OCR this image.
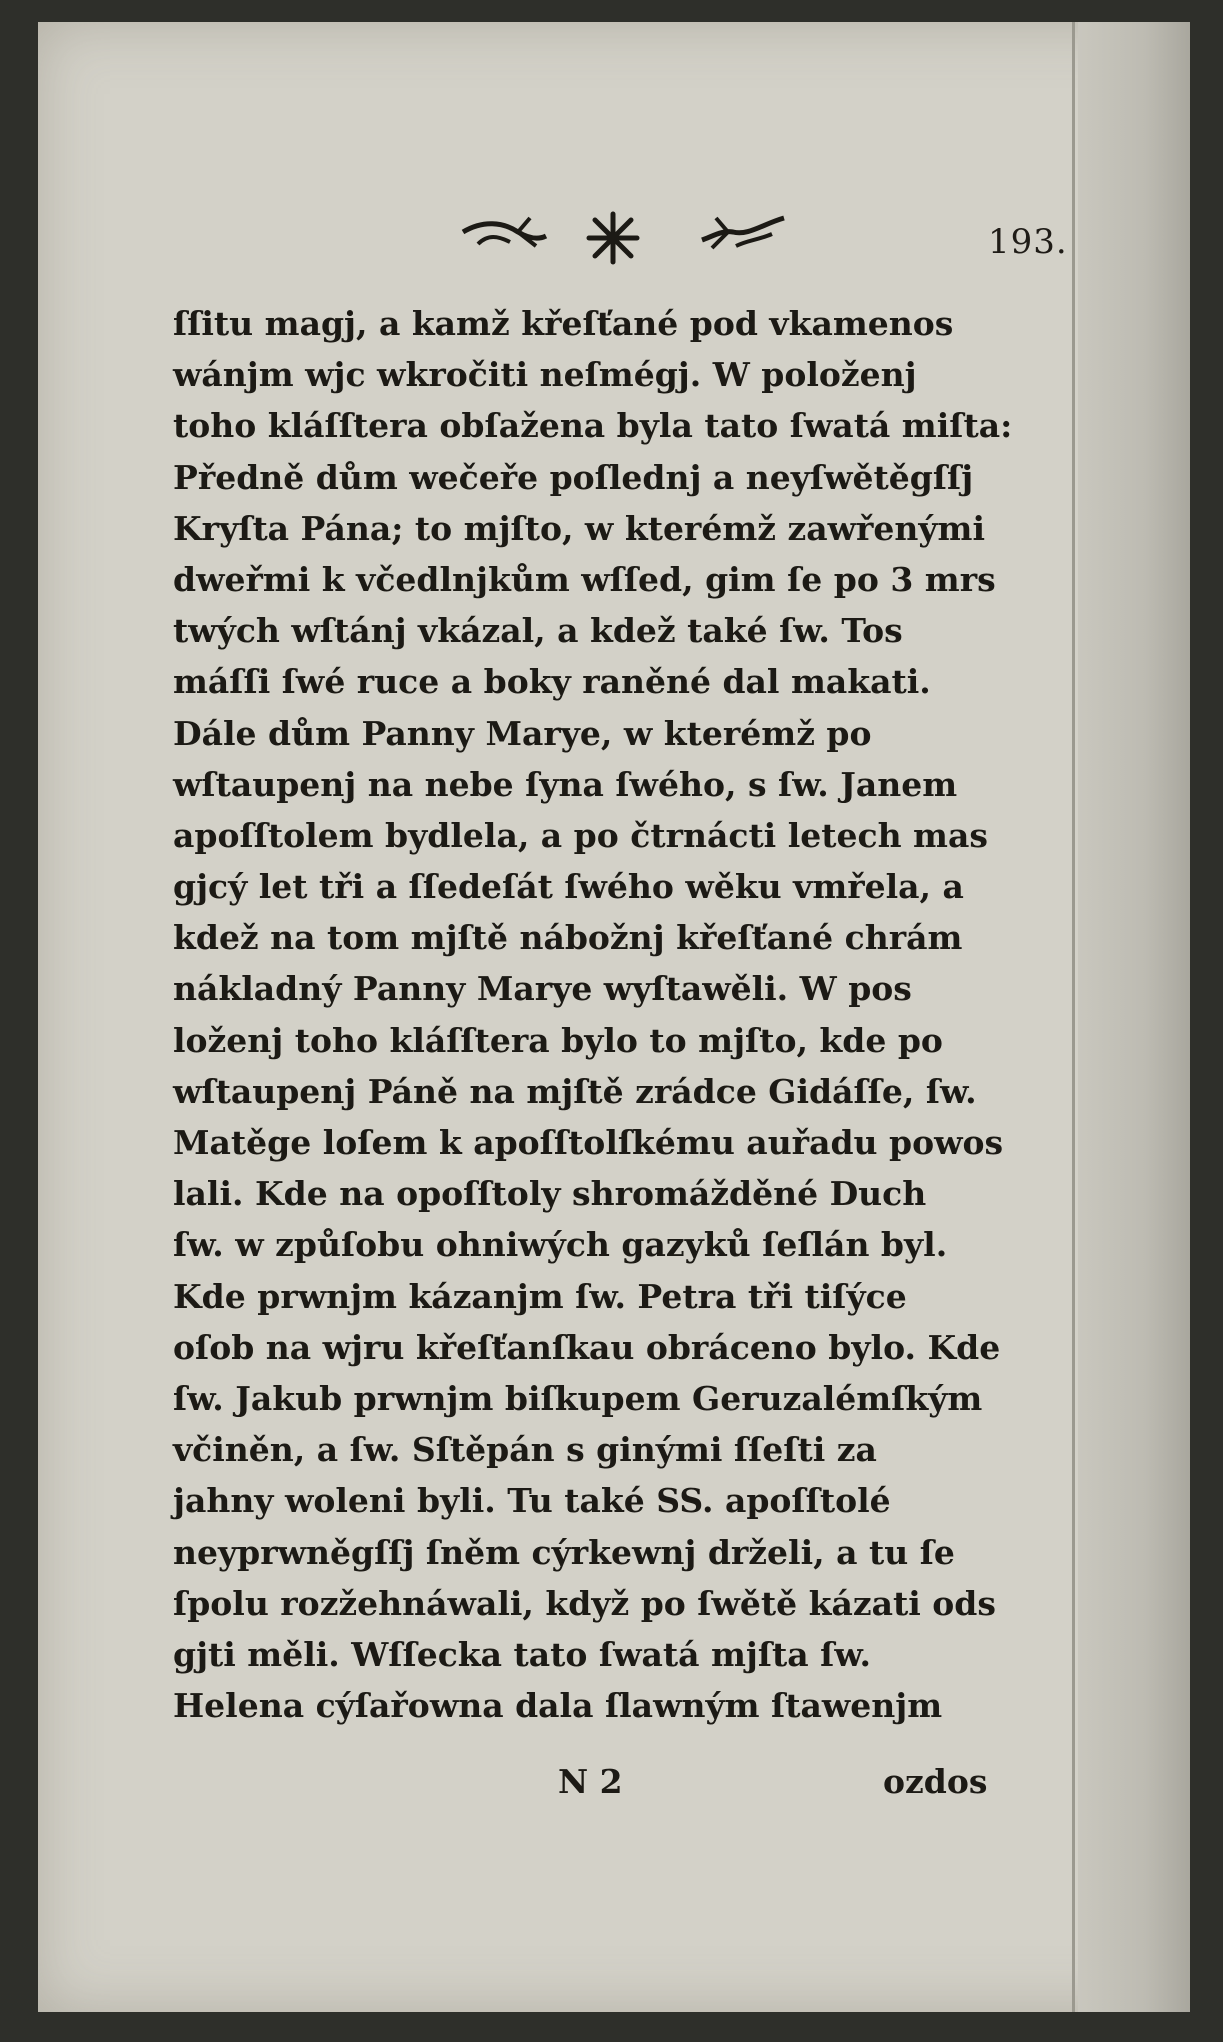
193.
ſſitu magj, a kamž křeſťané pod vkamenos
wánjm wjc wkročiti neſmégj. W položenj
toho kláſſtera obſaženа byla tato ſwatá miſta:
Předně dům wečeře poſlednj a neyſwětěgſſj
Kryſta Pána; to mjſto, w kterémž zawřenými
dweřmi k včedlnjkům wſſed, gim ſe po 3 mrs
twých wſtánj vkázal, a kdež také ſw. Tos
máſſi ſwé ruce a boky raněné dal makati.
Dále dům Panny Marye, w kterémž po
wſtaupenj na nebe ſyna ſwého, s ſw. Janem
apoſſtolem bydlela, a po čtrnácti letech mas
gjcý let tři a ſſedeſát ſwého wěku vmřela, a
kdež na tom mjſtě nábožnj křeſťané chrám
nákladný Panny Marye wyſtawěli. W pos
loženj toho kláſſtera bylo to mjſto, kde po
wſtaupenj Páně na mjſtě zrádce Gidáſſe, ſw.
Matěge loſem k apoſſtolſkému auřadu powos
lali. Kde na opoſſtoly shromážděné Duch
ſw. w způſobu ohniwých gazyků ſeſlán byl.
Kde prwnjm kázanjm ſw. Petra tři tiſýce
oſob na wjru křeſťanſkau obráceno bylo. Kde
ſw. Jakub prwnjm biſkupem Geruzalémſkým
včiněn, a ſw. Sſtěpán s ginými ſſeſti za
jahny woleni byli. Tu také SS. apoſſtolé
neyprwněgſſj ſněm cýrkewnj drželi, a tu ſe
ſpolu rozžehnáwali, když po ſwětě kázati ods
gjti měli. Wſſeckа tato ſwatá mjſta ſw.
Helena cýſařowna dala ſlawným ſtawenjm
N 2	ozdos
